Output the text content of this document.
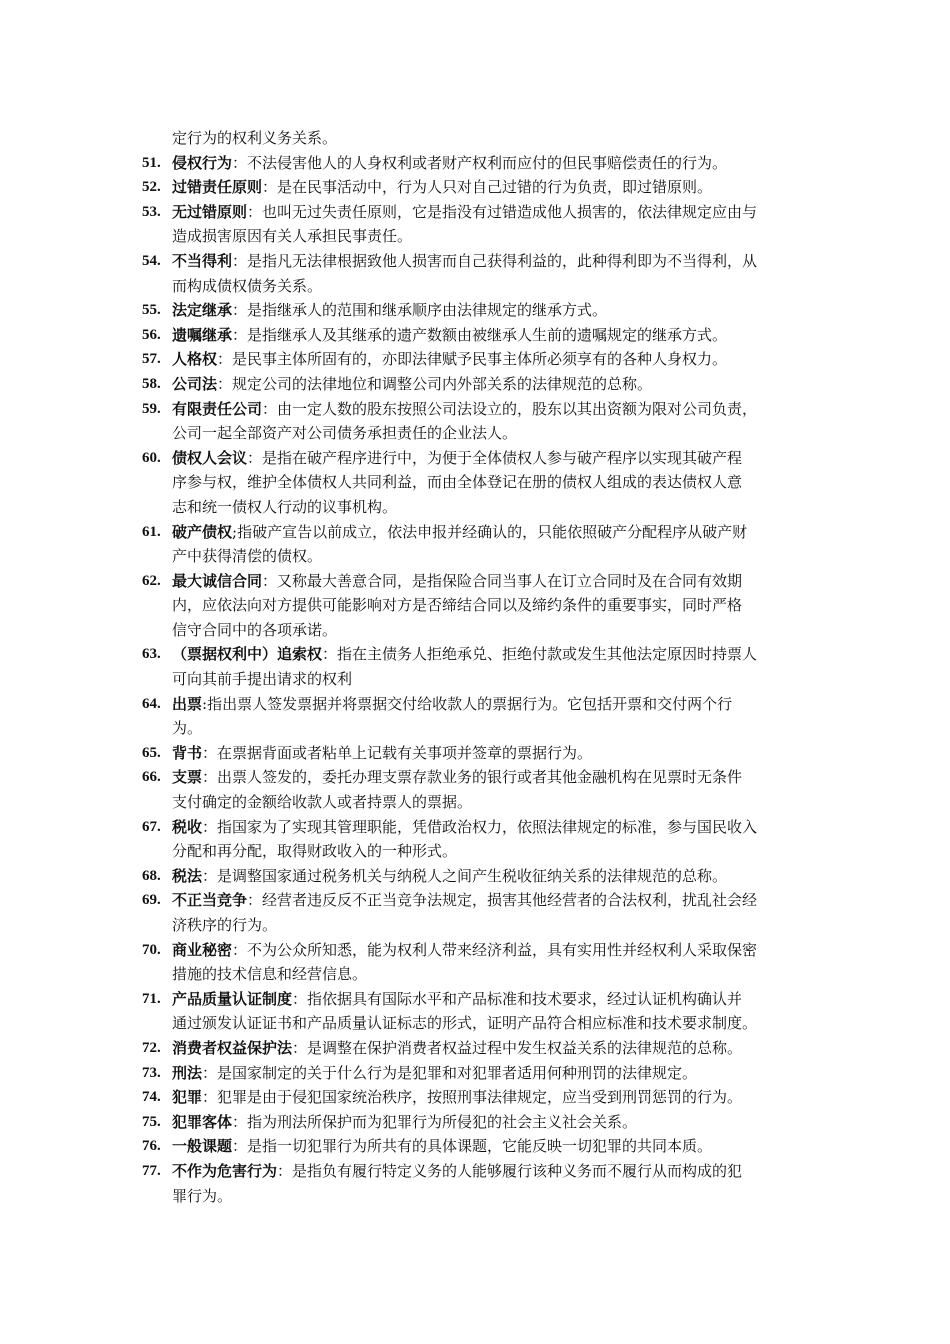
定行为的权利义务关系。
51. 侵权行为：不法侵害他人的人身权利或者财产权利而应付的但民事赔偿责任的行为。
52. 过错责任原则：是在民事活动中，行为人只对自己过错的行为负责，即过错原则。
53. 无过错原则：也叫无过失责任原则，它是指没有过错造成他人损害的，依法律规定应由与
造成损害原因有关人承担民事责任。
54. 不当得利：是指凡无法律根据致他人损害而自己获得利益的，此种得利即为不当得利，从
而构成债权债务关系。
55. 法定继承：是指继承人的范围和继承顺序由法律规定的继承方式。
56. 遗嘱继承：是指继承人及其继承的遗产数额由被继承人生前的遗嘱规定的继承方式。
57. 人格权：是民事主体所固有的，亦即法律赋予民事主体所必须享有的各种人身权力。
58. 公司法：规定公司的法律地位和调整公司内外部关系的法律规范的总称。
59. 有限责任公司：由一定人数的股东按照公司法设立的，股东以其出资额为限对公司负责，
公司一起全部资产对公司债务承担责任的企业法人。
60. 债权人会议：是指在破产程序进行中，为便于全体债权人参与破产程序以实现其破产程
序参与权，维护全体债权人共同利益，而由全体登记在册的债权人组成的表达债权人意
志和统一债权人行动的议事机构。
61. 破产债权;指破产宣告以前成立，依法申报并经确认的，只能依照破产分配程序从破产财
产中获得清偿的债权。
62. 最大诚信合同：又称最大善意合同，是指保险合同当事人在订立合同时及在合同有效期
内，应依法向对方提供可能影响对方是否缔结合同以及缔约条件的重要事实，同时严格
信守合同中的各项承诺。
63. （票据权利中）追索权：指在主债务人拒绝承兑、拒绝付款或发生其他法定原因时持票人
可向其前手提出请求的权利
64. 出票:指出票人签发票据并将票据交付给收款人的票据行为。它包括开票和交付两个行
为。
65. 背书：在票据背面或者粘单上记载有关事项并签章的票据行为。
66. 支票：出票人签发的，委托办理支票存款业务的银行或者其他金融机构在见票时无条件
支付确定的金额给收款人或者持票人的票据。
67. 税收：指国家为了实现其管理职能，凭借政治权力，依照法律规定的标准，参与国民收入
分配和再分配，取得财政收入的一种形式。
68. 税法：是调整国家通过税务机关与纳税人之间产生税收征纳关系的法律规范的总称。
69. 不正当竞争：经营者违反反不正当竞争法规定，损害其他经营者的合法权利，扰乱社会经
济秩序的行为。
70. 商业秘密：不为公众所知悉，能为权利人带来经济利益，具有实用性并经权利人采取保密
措施的技术信息和经营信息。
71. 产品质量认证制度：指依据具有国际水平和产品标准和技术要求，经过认证机构确认并
通过颁发认证证书和产品质量认证标志的形式，证明产品符合相应标准和技术要求制度。
72. 消费者权益保护法：是调整在保护消费者权益过程中发生权益关系的法律规范的总称。
73. 刑法：是国家制定的关于什么行为是犯罪和对犯罪者适用何种刑罚的法律规定。
74. 犯罪：犯罪是由于侵犯国家统治秩序，按照刑事法律规定，应当受到刑罚惩罚的行为。
75. 犯罪客体：指为刑法所保护而为犯罪行为所侵犯的社会主义社会关系。
76. 一般课题：是指一切犯罪行为所共有的具体课题，它能反映一切犯罪的共同本质。
77. 不作为危害行为：是指负有履行特定义务的人能够履行该种义务而不履行从而构成的犯
罪行为。
